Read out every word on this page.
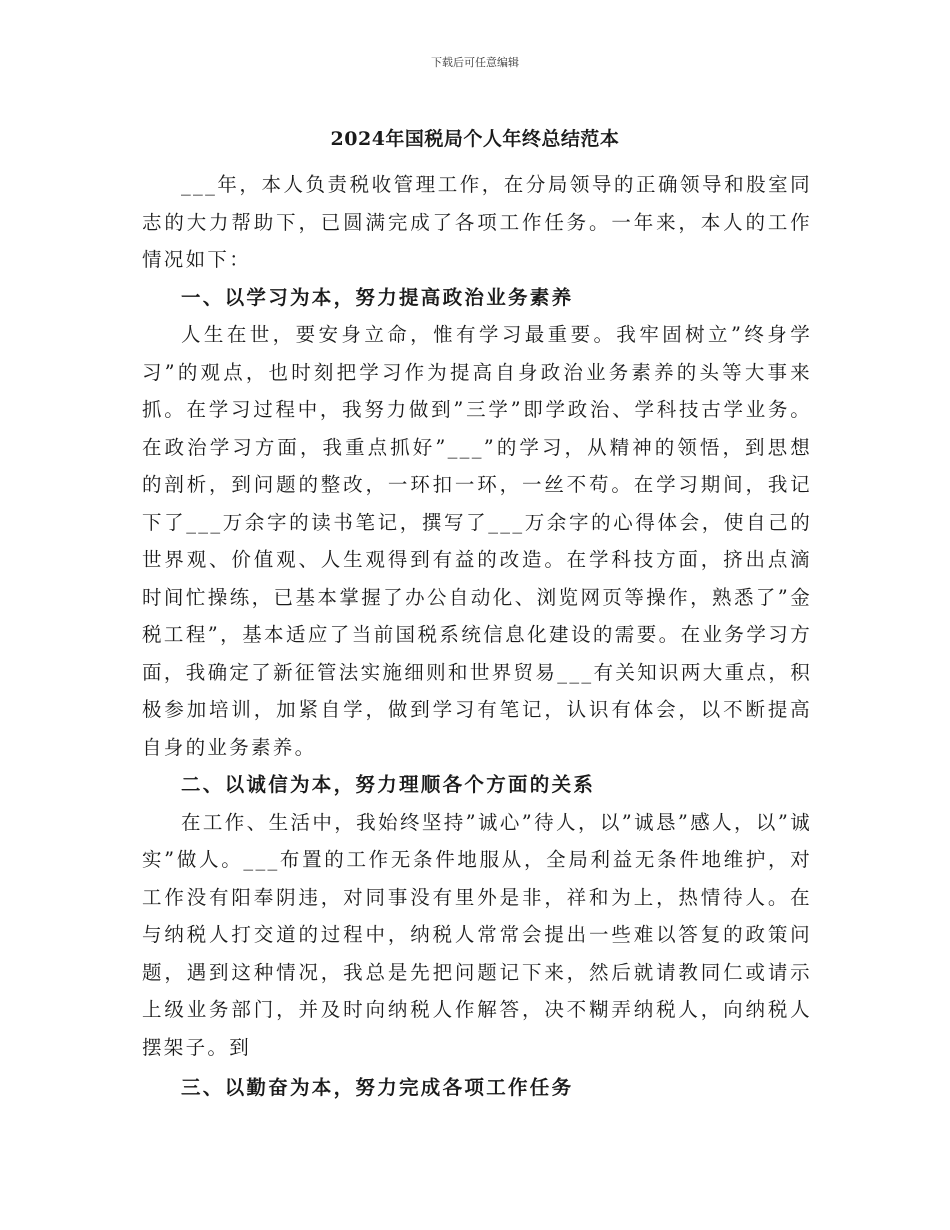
下载后可任意编辑
2024年国税局个人年终总结范本

___年，本人负责税收管理工作，在分局领导的正确领导和股室同志的大力帮助下，已圆满完成了各项工作任务。一年来，本人的工作情况如下：

一、以学习为本，努力提高政治业务素养

人生在世，要安身立命，惟有学习最重要。我牢固树立”终身学习”的观点，也时刻把学习作为提高自身政治业务素养的头等大事来抓。在学习过程中，我努力做到”三学”即学政治、学科技古学业务。在政治学习方面，我重点抓好”___”的学习，从精神的领悟，到思想的剖析，到问题的整改，一环扣一环，一丝不苟。在学习期间，我记下了___万余字的读书笔记，撰写了___万余字的心得体会，使自己的世界观、价值观、人生观得到有益的改造。在学科技方面，挤出点滴时间忙操练，已基本掌握了办公自动化、浏览网页等操作，熟悉了”金税工程”，基本适应了当前国税系统信息化建设的需要。在业务学习方面，我确定了新征管法实施细则和世界贸易___有关知识两大重点，积极参加培训，加紧自学，做到学习有笔记，认识有体会，以不断提高自身的业务素养。

二、以诚信为本，努力理顺各个方面的关系

在工作、生活中，我始终坚持”诚心”待人，以”诚恳”感人，以”诚实”做人。___布置的工作无条件地服从，全局利益无条件地维护，对工作没有阳奉阴违，对同事没有里外是非，祥和为上，热情待人。在与纳税人打交道的过程中，纳税人常常会提出一些难以答复的政策问题，遇到这种情况，我总是先把问题记下来，然后就请教同仁或请示上级业务部门，并及时向纳税人作解答，决不糊弄纳税人，向纳税人摆架子。到

三、以勤奋为本，努力完成各项工作任务
